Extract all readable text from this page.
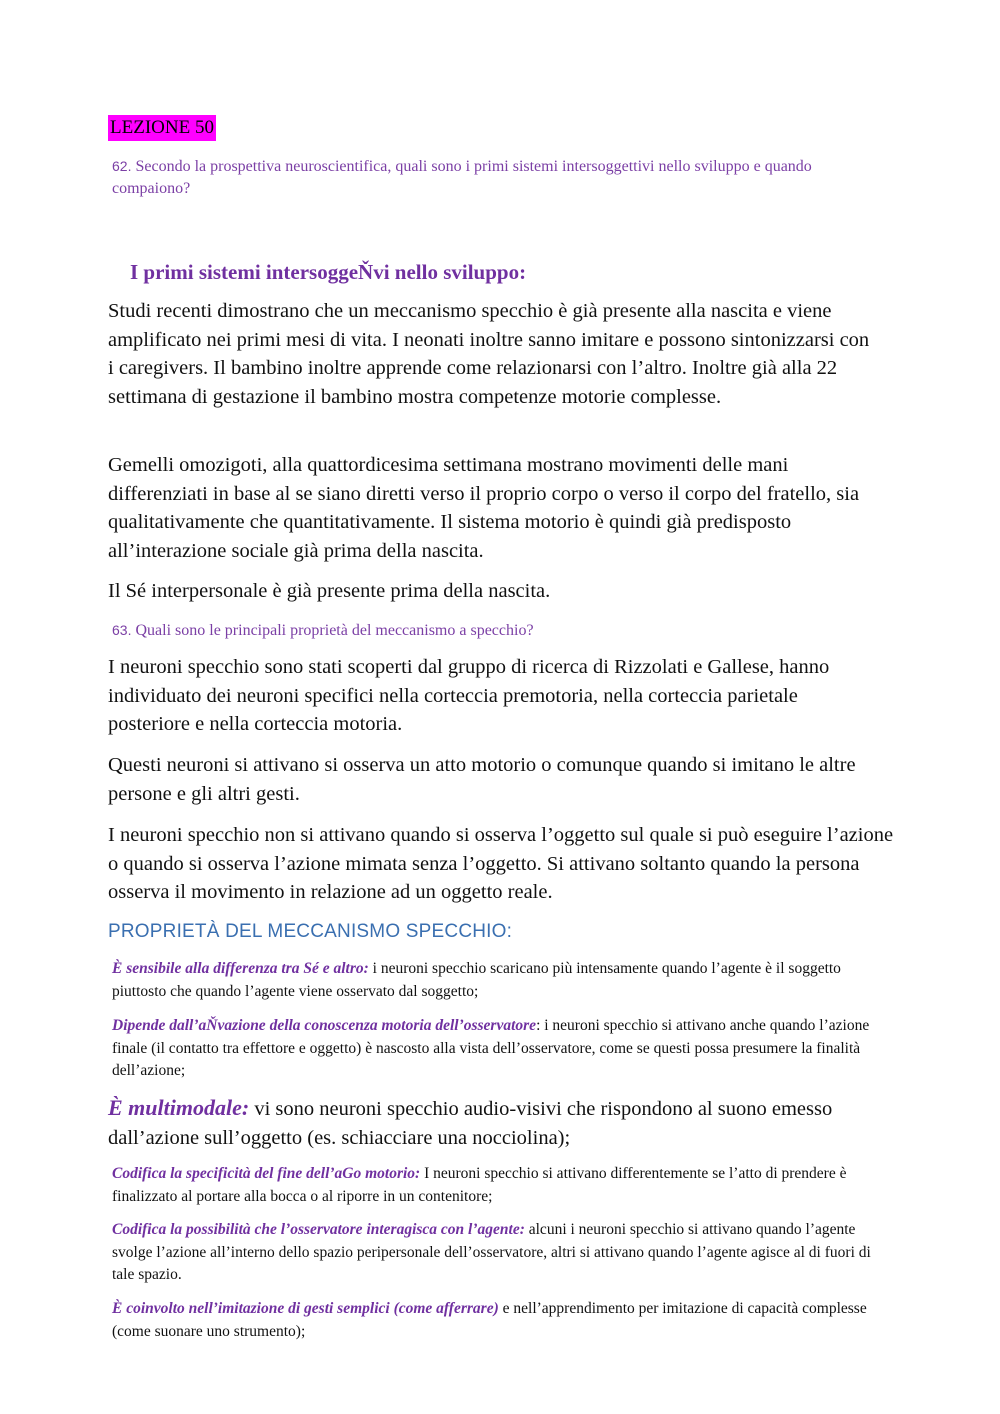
LEZIONE 50

62. Secondo la prospettiva neuroscientifica, quali sono i primi sistemi intersoggettivi nello sviluppo e quando compaiono?

I primi sistemi intersoggeŇvi nello sviluppo:

Studi recenti dimostrano che un meccanismo specchio è già presente alla nascita e viene amplificato nei primi mesi di vita. I neonati inoltre sanno imitare e possono sintonizzarsi con i caregivers. Il bambino inoltre apprende come relazionarsi con l’altro. Inoltre già alla 22 settimana di gestazione il bambino mostra competenze motorie complesse.

Gemelli omozigoti, alla quattordicesima settimana mostrano movimenti delle mani differenziati in base al se siano diretti verso il proprio corpo o verso il corpo del fratello, sia qualitativamente che quantitativamente. Il sistema motorio è quindi già predisposto all’interazione sociale già prima della nascita.

Il Sé interpersonale è già presente prima della nascita.

63. Quali sono le principali proprietà del meccanismo a specchio?

I neuroni specchio sono stati scoperti dal gruppo di ricerca di Rizzolati e Gallese, hanno individuato dei neuroni specifici nella corteccia premotoria, nella corteccia parietale posteriore e nella corteccia motoria.

Questi neuroni si attivano si osserva un atto motorio o comunque quando si imitano le altre persone e gli altri gesti.

I neuroni specchio non si attivano quando si osserva l’oggetto sul quale si può eseguire l’azione o quando si osserva l’azione mimata senza l’oggetto. Si attivano soltanto quando la persona osserva il movimento in relazione ad un oggetto reale.

PROPRIETÀ DEL MECCANISMO SPECCHIO:

È sensibile alla differenza tra Sé e altro: i neuroni specchio scaricano più intensamente quando l’agente è il soggetto piuttosto che quando l’agente viene osservato dal soggetto;

Dipende dall’aŇvazione della conoscenza motoria dell’osservatore: i neuroni specchio si attivano anche quando l’azione finale (il contatto tra effettore e oggetto) è nascosto alla vista dell’osservatore, come se questi possa presumere la finalità dell’azione;

È multimodale: vi sono neuroni specchio audio-visivi che rispondono al suono emesso dall’azione sull’oggetto (es. schiacciare una nocciolina);

Codifica la specificità del fine dell’aGo motorio: I neuroni specchio si attivano differentemente se l’atto di prendere è finalizzato al portare alla bocca o al riporre in un contenitore;

Codifica la possibilità che l’osservatore interagisca con l’agente: alcuni i neuroni specchio si attivano quando l’agente svolge l’azione all’interno dello spazio peripersonale dell’osservatore, altri si attivano quando l’agente agisce al di fuori di tale spazio.

È coinvolto nell’imitazione di gesti semplici (come afferrare) e nell’apprendimento per imitazione di capacità complesse (come suonare uno strumento);
